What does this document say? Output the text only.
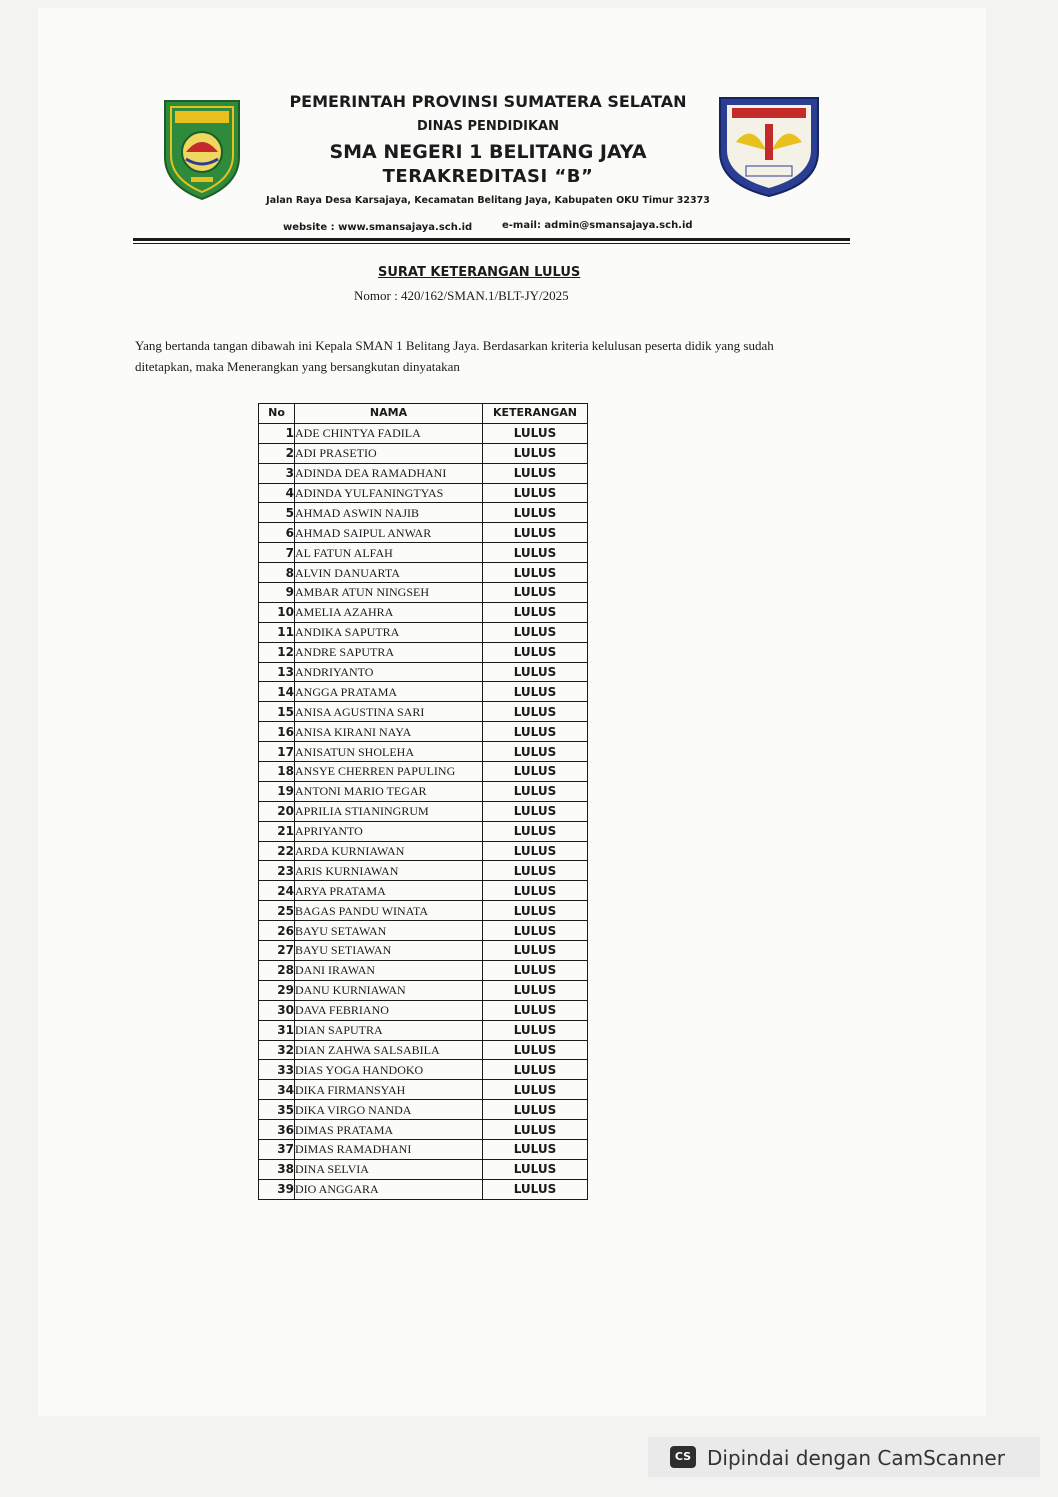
PEMERINTAH PROVINSI SUMATERA SELATAN
DINAS PENDIDIKAN
SMA NEGERI 1 BELITANG JAYA
TERAKREDITASI “B”
Jalan Raya Desa Karsajaya, Kecamatan Belitang Jaya, Kabupaten OKU Timur 32373
website : www.smansajaya.sch.id	e-mail: admin@smansajaya.sch.id
SURAT KETERANGAN LULUS
Nomor : 420/162/SMAN.1/BLT-JY/2025
Yang bertanda tangan dibawah ini Kepala SMAN 1 Belitang Jaya. Berdasarkan kriteria kelulusan peserta didik yang sudah ditetapkan, maka Menerangkan yang bersangkutan dinyatakan
No	NAMA	KETERANGAN
1	ADE CHINTYA FADILA	LULUS
2	ADI PRASETIO	LULUS
3	ADINDA DEA RAMADHANI	LULUS
4	ADINDA YULFANINGTYAS	LULUS
5	AHMAD ASWIN NAJIB	LULUS
6	AHMAD SAIPUL ANWAR	LULUS
7	AL FATUN ALFAH	LULUS
8	ALVIN DANUARTA	LULUS
9	AMBAR ATUN NINGSEH	LULUS
10	AMELIA AZAHRA	LULUS
11	ANDIKA SAPUTRA	LULUS
12	ANDRE SAPUTRA	LULUS
13	ANDRIYANTO	LULUS
14	ANGGA PRATAMA	LULUS
15	ANISA AGUSTINA SARI	LULUS
16	ANISA KIRANI NAYA	LULUS
17	ANISATUN SHOLEHA	LULUS
18	ANSYE CHERREN PAPULING	LULUS
19	ANTONI MARIO TEGAR	LULUS
20	APRILIA STIANINGRUM	LULUS
21	APRIYANTO	LULUS
22	ARDA KURNIAWAN	LULUS
23	ARIS KURNIAWAN	LULUS
24	ARYA PRATAMA	LULUS
25	BAGAS PANDU WINATA	LULUS
26	BAYU SETAWAN	LULUS
27	BAYU SETIAWAN	LULUS
28	DANI IRAWAN	LULUS
29	DANU KURNIAWAN	LULUS
30	DAVA FEBRIANO	LULUS
31	DIAN SAPUTRA	LULUS
32	DIAN ZAHWA SALSABILA	LULUS
33	DIAS YOGA HANDOKO	LULUS
34	DIKA FIRMANSYAH	LULUS
35	DIKA VIRGO NANDA	LULUS
36	DIMAS PRATAMA	LULUS
37	DIMAS RAMADHANI	LULUS
38	DINA SELVIA	LULUS
39	DIO ANGGARA	LULUS
CS Dipindai dengan CamScanner
